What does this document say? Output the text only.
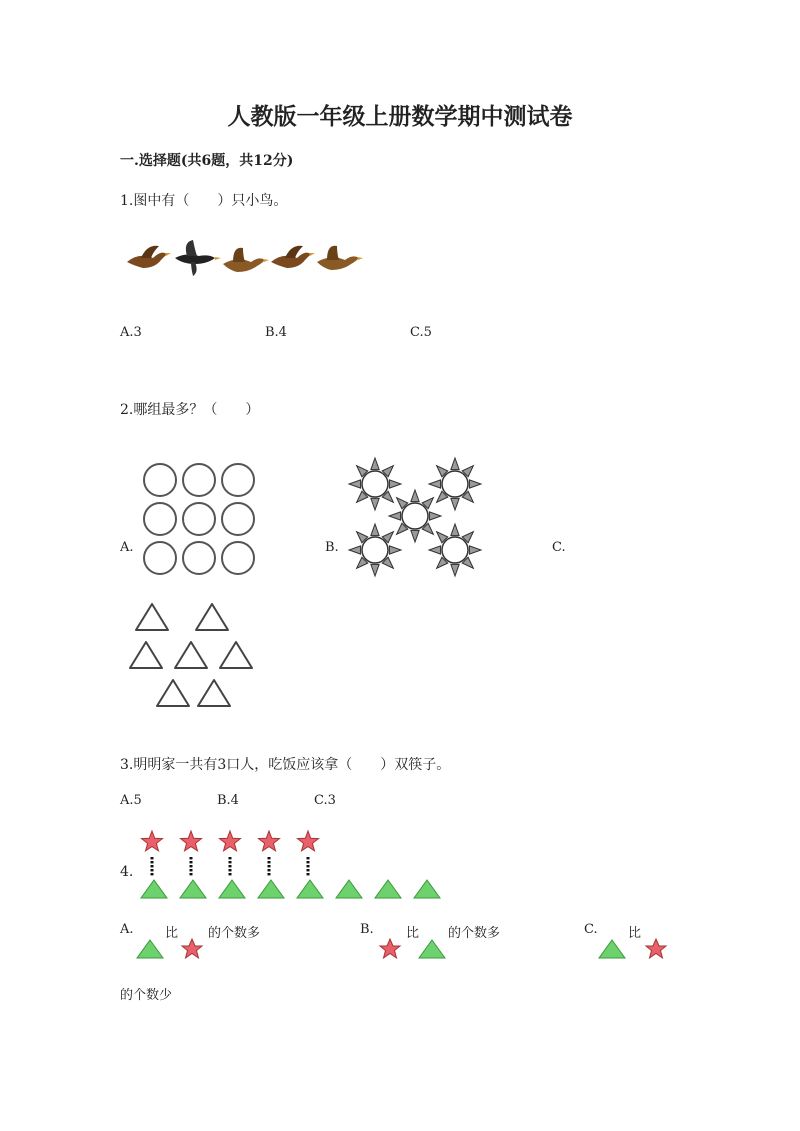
人教版一年级上册数学期中测试卷
一.选择题(共6题，共12分)
1.图中有（　　）只小鸟。
A.3	B.4	C.5
2.哪组最多？（　　）
A.	B.	C.
3.明明家一共有3口人，吃饭应该拿（　　）双筷子。
A.5	B.4	C.3
4.
A. 比 的个数多	B. 比 的个数多	C. 比
的个数少
